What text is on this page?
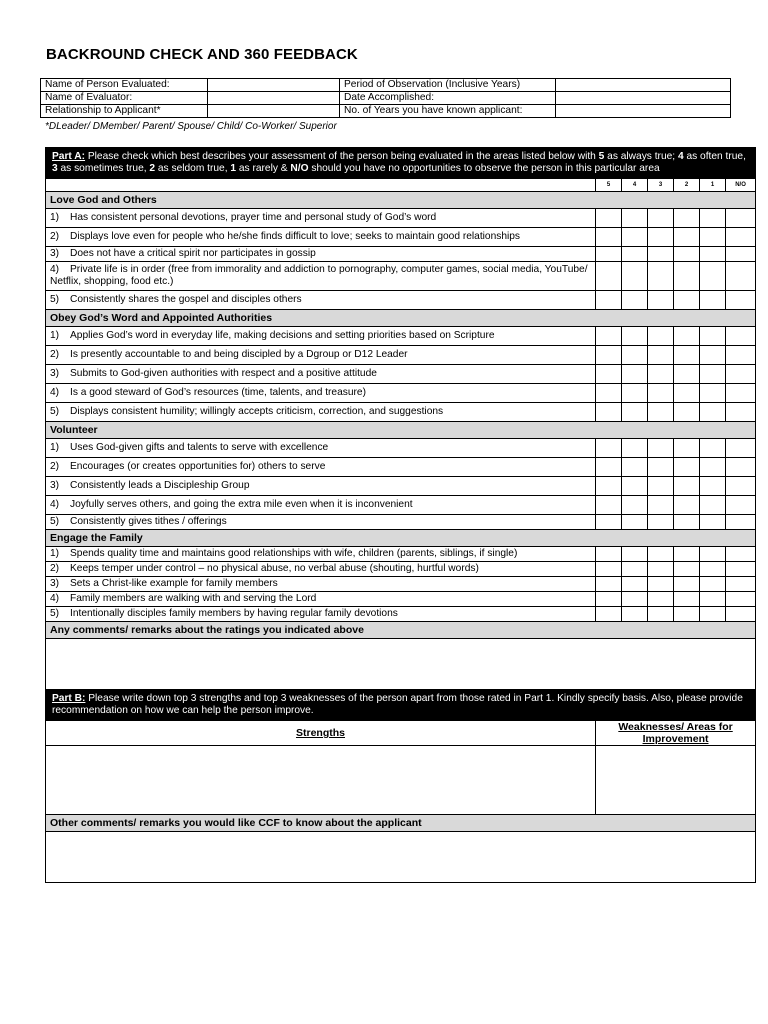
BACKROUND CHECK AND 360 FEEDBACK
Name of Person Evaluated:		Period of Observation (Inclusive Years)	
Name of Evaluator:		Date Accomplished:	
Relationship to Applicant*		No. of Years you have known applicant:	
*DLeader/ DMember/ Parent/ Spouse/ Child/ Co-Worker/ Superior
Part A: Please check which best describes your assessment of the person being evaluated in the areas listed below with 5 as always true; 4 as often true, 3 as sometimes true, 2 as seldom true, 1 as rarely & N/O should you have no opportunities to observe the person in this particular area						
	5	4	3	2	1	N/O
Love God and Others						
1) Has consistent personal devotions, prayer time and personal study of God’s word						
2) Displays love even for people who he/she finds difficult to love; seeks to maintain good relationships						
3) Does not have a critical spirit nor participates in gossip						
4) Private life is in order (free from immorality and addiction to pornography, computer games, social media, YouTube/ Netflix, shopping, food etc.)						
5) Consistently shares the gospel and disciples others						
Obey God’s Word and Appointed Authorities						
1) Applies God’s word in everyday life, making decisions and setting priorities based on Scripture						
2) Is presently accountable to and being discipled by a Dgroup or D12 Leader						
3) Submits to God-given authorities with respect and a positive attitude						
4) Is a good steward of God’s resources (time, talents, and treasure)						
5) Displays consistent humility; willingly accepts criticism, correction, and suggestions						
Volunteer						
1) Uses God-given gifts and talents to serve with excellence						
2) Encourages (or creates opportunities for) others to serve						
3) Consistently leads a Discipleship Group						
4) Joyfully serves others, and going the extra mile even when it is inconvenient						
5) Consistently gives tithes / offerings						
Engage the Family						
1) Spends quality time and maintains good relationships with wife, children (parents, siblings, if single)						
2) Keeps temper under control – no physical abuse, no verbal abuse (shouting, hurtful words)						
3) Sets a Christ-like example for family members						
4) Family members are walking with and serving the Lord						
5) Intentionally disciples family members by having regular family devotions						
Any comments/ remarks about the ratings you indicated above						

Part B: Please write down top 3 strengths and top 3 weaknesses of the person apart from those rated in Part 1. Kindly specify basis. Also, please provide recommendation on how we can help the person improve.						
Strengths	Weaknesses/ Areas for Improvement					

Other comments/ remarks you would like CCF to know about the applicant						
